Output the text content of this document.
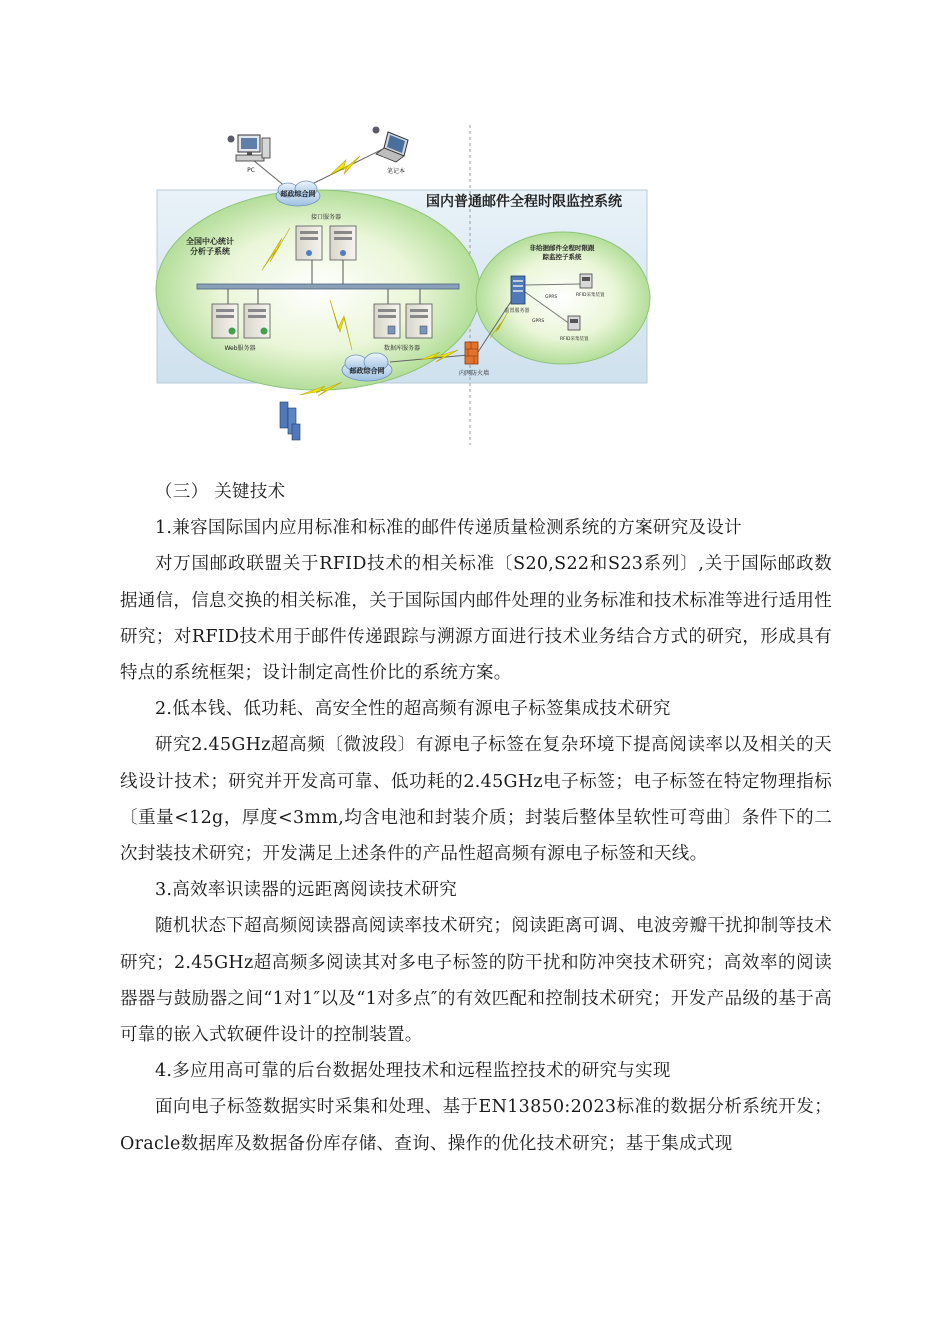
PC	笔记本
邮政综合网	国内普通邮件全程时限监控系统
全国中心统计
分析子系统
接口服务器
Web服务器	数据库服务器
邮政综合网	内网防火墙
非给据邮件全程时限跟
踪监控子系统
前置服务器
GPRS
GPRS
RFID采集装置
RFID采集装置

（三） 关键技术

1.兼容国际国内应用标准和标准的邮件传递质量检测系统的方案研究及设计

对万国邮政联盟关于RFID技术的相关标准〔S20,S22和S23系列〕,关于国际邮政数据通信，信息交换的相关标准，关于国际国内邮件处理的业务标准和技术标准等进行适用性研究；对RFID技术用于邮件传递跟踪与溯源方面进行技术业务结合方式的研究，形成具有特点的系统框架；设计制定高性价比的系统方案。

2.低本钱、低功耗、高安全性的超高频有源电子标签集成技术研究

研究2.45GHz超高频〔微波段〕有源电子标签在复杂环境下提高阅读率以及相关的天线设计技术；研究并开发高可靠、低功耗的2.45GHz电子标签；电子标签在特定物理指标〔重量<12g，厚度<3mm,均含电池和封装介质；封装后整体呈软性可弯曲〕条件下的二次封装技术研究；开发满足上述条件的产品性超高频有源电子标签和天线。

3.高效率识读器的远距离阅读技术研究

随机状态下超高频阅读器高阅读率技术研究；阅读距离可调、电波旁瓣干扰抑制等技术研究；2.45GHz超高频多阅读其对多电子标签的防干扰和防冲突技术研究；高效率的阅读器器与鼓励器之间“1对1″以及“1对多点″的有效匹配和控制技术研究；开发产品级的基于高可靠的嵌入式软硬件设计的控制装置。

4.多应用高可靠的后台数据处理技术和远程监控技术的研究与实现

面向电子标签数据实时采集和处理、基于EN13850:2023标准的数据分析系统开发；Oracle数据库及数据备份库存储、查询、操作的优化技术研究；基于集成式现
